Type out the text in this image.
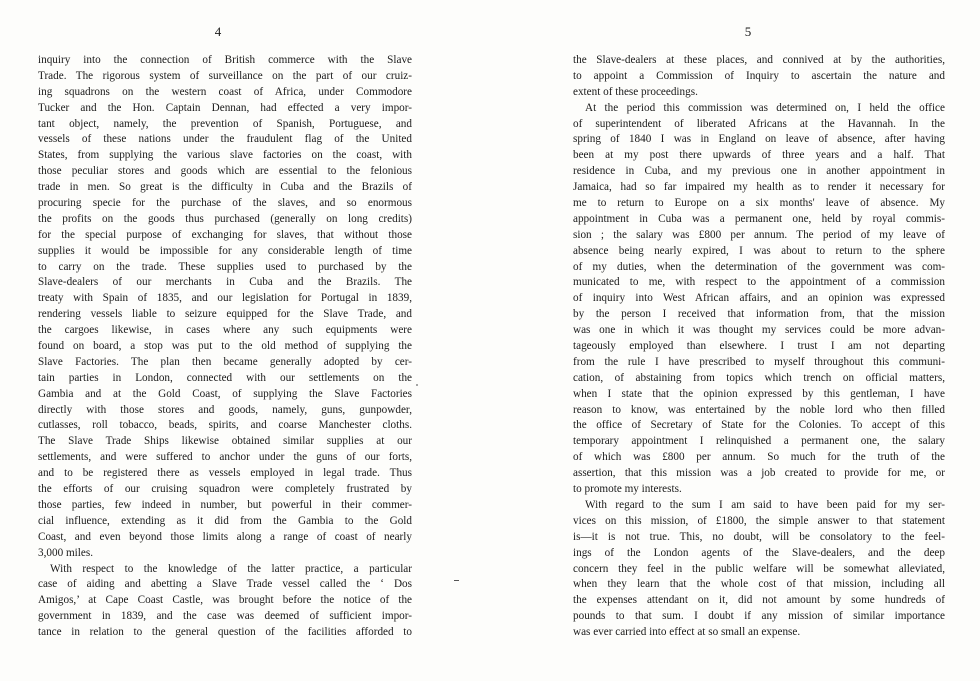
4
inquiry into the connection of British commerce with the Slave
Trade. The rigorous system of surveillance on the part of our cruiz-
ing squadrons on the western coast of Africa, under Commodore
Tucker and the Hon. Captain Dennan, had effected a very impor-
tant object, namely, the prevention of Spanish, Portuguese, and
vessels of these nations under the fraudulent flag of the United
States, from supplying the various slave factories on the coast, with
those peculiar stores and goods which are essential to the felonious
trade in men. So great is the difficulty in Cuba and the Brazils of
procuring specie for the purchase of the slaves, and so enormous
the profits on the goods thus purchased (generally on long credits)
for the special purpose of exchanging for slaves, that without those
supplies it would be impossible for any considerable length of time
to carry on the trade. These supplies used to purchased by the
Slave-dealers of our merchants in Cuba and the Brazils. The
treaty with Spain of 1835, and our legislation for Portugal in 1839,
rendering vessels liable to seizure equipped for the Slave Trade, and
the cargoes likewise, in cases where any such equipments were
found on board, a stop was put to the old method of supplying the
Slave Factories. The plan then became generally adopted by cer-
tain parties in London, connected with our settlements on the
Gambia and at the Gold Coast, of supplying the Slave Factories
directly with those stores and goods, namely, guns, gunpowder,
cutlasses, roll tobacco, beads, spirits, and coarse Manchester cloths.
The Slave Trade Ships likewise obtained similar supplies at our
settlements, and were suffered to anchor under the guns of our forts,
and to be registered there as vessels employed in legal trade. Thus
the efforts of our cruising squadron were completely frustrated by
those parties, few indeed in number, but powerful in their commer-
cial influence, extending as it did from the Gambia to the Gold
Coast, and even beyond those limits along a range of coast of nearly
3,000 miles.
With respect to the knowledge of the latter practice, a particular
case of aiding and abetting a Slave Trade vessel called the ‘ Dos
Amigos,’ at Cape Coast Castle, was brought before the notice of the
government in 1839, and the case was deemed of sufficient impor-
tance in relation to the general question of the facilities afforded to
5
the Slave-dealers at these places, and connived at by the authorities,
to appoint a Commission of Inquiry to ascertain the nature and
extent of these proceedings.
At the period this commission was determined on, I held the office
of superintendent of liberated Africans at the Havannah. In the
spring of 1840 I was in England on leave of absence, after having
been at my post there upwards of three years and a half. That
residence in Cuba, and my previous one in another appointment in
Jamaica, had so far impaired my health as to render it necessary for
me to return to Europe on a six months' leave of absence. My
appointment in Cuba was a permanent one, held by royal commis-
sion ; the salary was £800 per annum. The period of my leave of
absence being nearly expired, I was about to return to the sphere
of my duties, when the determination of the government was com-
municated to me, with respect to the appointment of a commission
of inquiry into West African affairs, and an opinion was expressed
by the person I received that information from, that the mission
was one in which it was thought my services could be more advan-
tageously employed than elsewhere. I trust I am not departing
from the rule I have prescribed to myself throughout this communi-
cation, of abstaining from topics which trench on official matters,
when I state that the opinion expressed by this gentleman, I have
reason to know, was entertained by the noble lord who then filled
the office of Secretary of State for the Colonies. To accept of this
temporary appointment I relinquished a permanent one, the salary
of which was £800 per annum. So much for the truth of the
assertion, that this mission was a job created to provide for me, or
to promote my interests.
With regard to the sum I am said to have been paid for my ser-
vices on this mission, of £1800, the simple answer to that statement
is—it is not true. This, no doubt, will be consolatory to the feel-
ings of the London agents of the Slave-dealers, and the deep
concern they feel in the public welfare will be somewhat alleviated,
when they learn that the whole cost of that mission, including all
the expenses attendant on it, did not amount by some hundreds of
pounds to that sum. I doubt if any mission of similar importance
was ever carried into effect at so small an expense.
